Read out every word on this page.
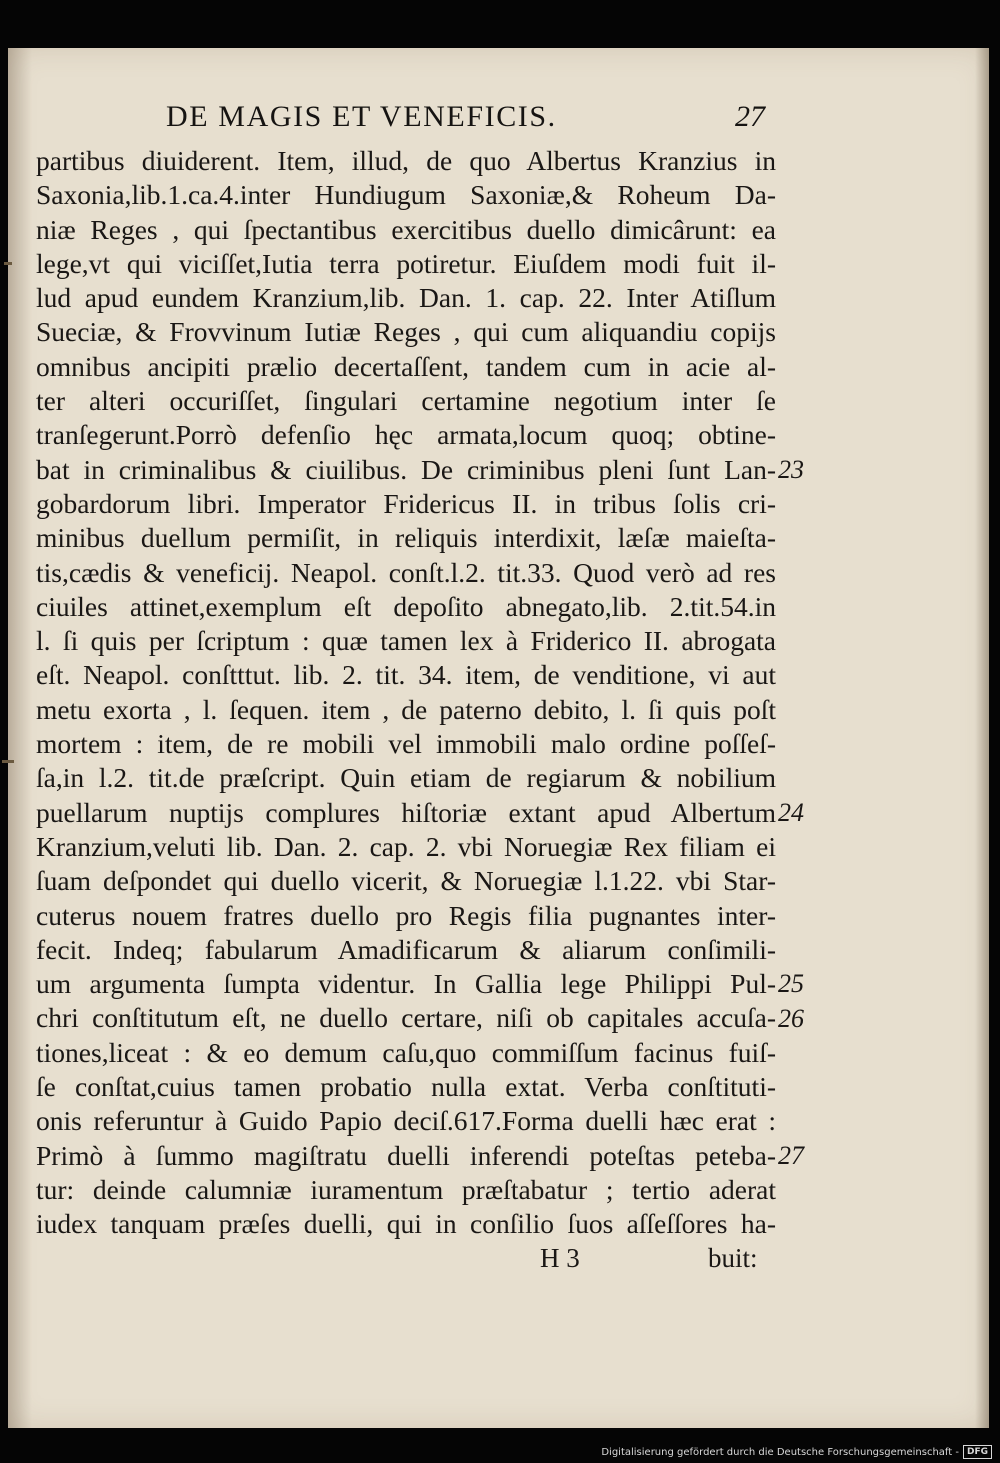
DE MAGIS ET VENEFICIS.	27
partibus diuiderent. Item, illud, de quo Albertus Kranzius in
Saxonia,lib.1.ca.4.inter Hundiugum Saxoniæ,& Roheum Da-
niæ Reges , qui ſpectantibus exercitibus duello dimicârunt: ea
lege,vt qui viciſſet,Iutia terra potiretur. Eiuſdem modi fuit il-
lud apud eundem Kranzium,lib. Dan. 1. cap. 22. Inter Atiſlum
Sueciæ, & Frovvinum Iutiæ Reges , qui cum aliquandiu copijs
omnibus ancipiti prælio decertaſſent, tandem cum in acie al-
ter alteri occuriſſet, ſingulari certamine negotium inter ſe
tranſegerunt.Porrò defenſio hęc armata,locum quoq; obtine-
bat in criminalibus & ciuilibus. De criminibus pleni ſunt Lan-
gobardorum libri. Imperator Fridericus II. in tribus ſolis cri-
minibus duellum permiſit, in reliquis interdixit, læſæ maieſta-
tis,cædis & veneficij. Neapol. conſt.l.2. tit.33. Quod verò ad res
ciuiles attinet,exemplum eſt depoſito abnegato,lib. 2.tit.54.in
l. ſi quis per ſcriptum : quæ tamen lex à Friderico II. abrogata
eſt. Neapol. conſtttut. lib. 2. tit. 34. item, de venditione, vi aut
metu exorta , l. ſequen. item , de paterno debito, l. ſi quis poſt
mortem : item, de re mobili vel immobili malo ordine poſſeſ-
ſa,in l.2. tit.de præſcript. Quin etiam de regiarum & nobilium
puellarum nuptijs complures hiſtoriæ extant apud Albertum
Kranzium,veluti lib. Dan. 2. cap. 2. vbi Noruegiæ Rex filiam ei
ſuam deſpondet qui duello vicerit, & Noruegiæ l.1.22. vbi Star-
cuterus nouem fratres duello pro Regis filia pugnantes inter-
fecit. Indeq; fabularum Amadificarum & aliarum conſimili-
um argumenta ſumpta videntur. In Gallia lege Philippi Pul-
chri conſtitutum eſt, ne duello certare, niſi ob capitales accuſa-
tiones,liceat : & eo demum caſu,quo commiſſum facinus fuiſ-
ſe conſtat,cuius tamen probatio nulla extat. Verba conſtituti-
onis referuntur à Guido Papio deciſ.617.Forma duelli hæc erat :
Primò à ſummo magiſtratu duelli inferendi poteſtas peteba-
tur: deinde calumniæ iuramentum præſtabatur ; tertio aderat
iudex tanquam præſes duelli, qui in conſilio ſuos aſſeſſores ha-
23
24
25
26
27
H 3	buit:
Digitalisierung gefördert durch die Deutsche Forschungsgemeinschaft - DFG
